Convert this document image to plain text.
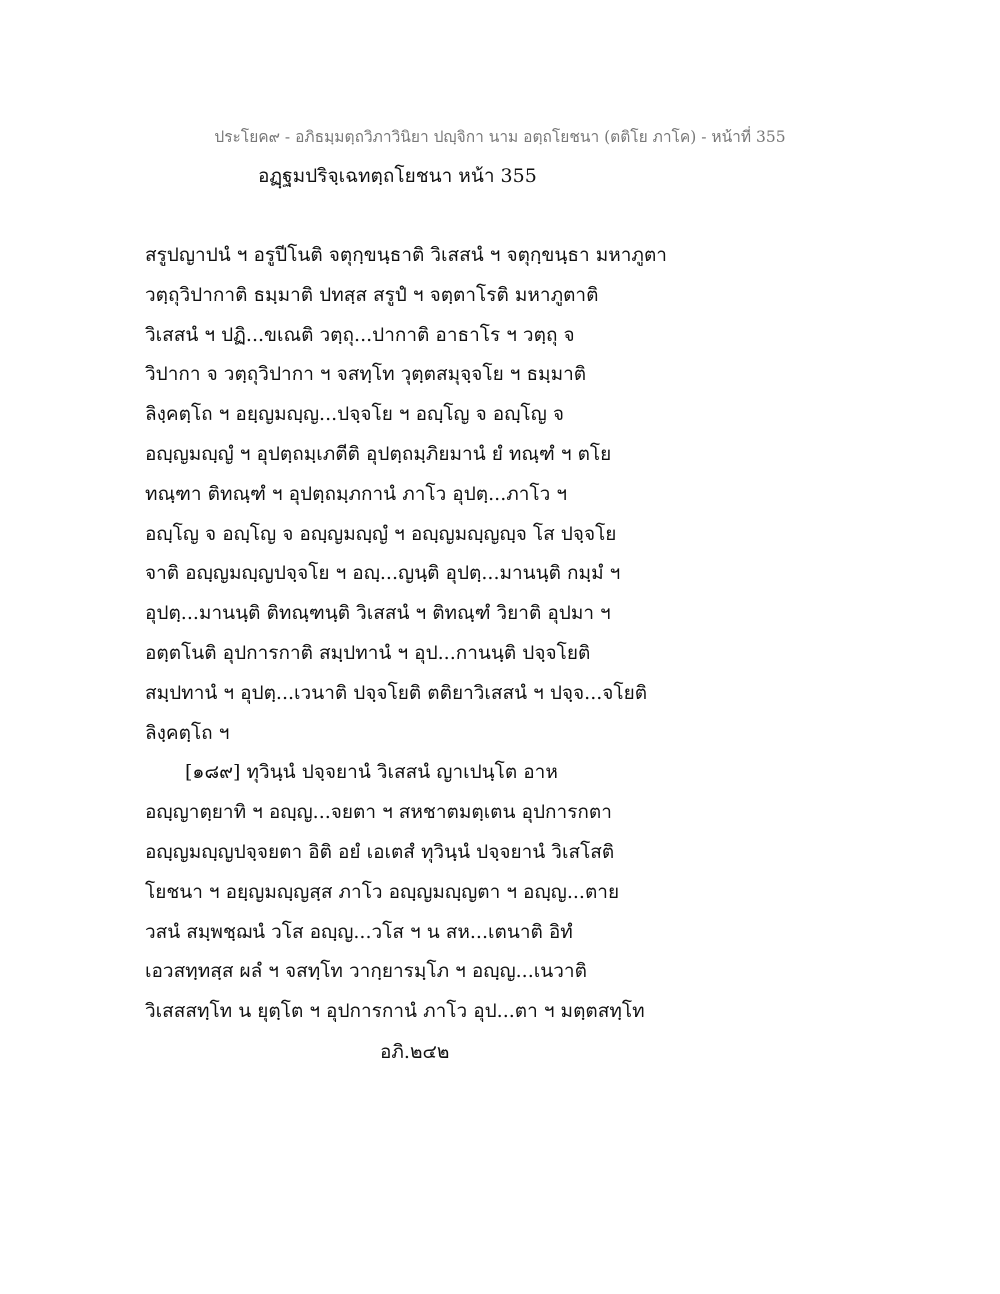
ประโยค๙ - อภิธมฺมตฺถวิภาวินิยา ปญฺจิกา นาม อตฺถโยชนา (ตติโย ภาโค) - หน้าที่ 355
อฏฺฐมปริจฺเฉทตฺถโยชนา หน้า 355
สรูปญาปนํ ฯ อรูปีโนติ จตุกฺขนฺธาติ วิเสสนํ ฯ จตุกฺขนฺธา มหาภูตา
วตฺถุวิปากาติ ธมฺมาติ ปทสฺส สรูปํ ฯ จตฺตาโรติ มหาภูตาติ
วิเสสนํ ฯ ปฏิ...ขเณติ วตฺถุ...ปากาติ อาธาโร ฯ วตฺถุ จ
วิปากา จ วตฺถุวิปากา ฯ จสทฺโท วุตฺตสมุจฺจโย ฯ ธมฺมาติ
ลิงฺคตฺโถ ฯ อยฺญมญฺญ...ปจฺจโย ฯ อญฺโญ จ อญฺโญ จ
อญฺญมญฺญํ ฯ อุปตฺถมฺเภตีติ อุปตฺถมฺภิยมานํ ยํ ทณฺฑํ ฯ ตโย
ทณฺฑา ติทณฺฑํ ฯ อุปตฺถมฺภกานํ ภาโว อุปตฺ...ภาโว ฯ
อญฺโญ จ อญฺโญ จ อญฺญมญฺญํ ฯ อญฺญมญฺญญฺจ โส ปจฺจโย
จาติ อญฺญมญฺญปจฺจโย ฯ อญฺ...ญนฺติ อุปตฺ...มานนฺติ กมฺมํ ฯ
อุปตฺ...มานนฺติ ติทณฺฑนฺติ วิเสสนํ ฯ ติทณฺฑํ วิยาติ อุปมา ฯ
อตฺตโนติ อุปการกาติ สมฺปทานํ ฯ อุป...กานนฺติ ปจฺจโยติ
สมฺปทานํ ฯ อุปตฺ...เวนาติ ปจฺจโยติ ตติยาวิเสสนํ ฯ ปจฺจ...จโยติ
ลิงฺคตฺโถ ฯ
[๑๘๙] ทุวินฺนํ ปจฺจยานํ วิเสสนํ ญาเปนฺโต อาห
อญฺญาตฺยาทิ ฯ อญฺญ...จยตา ฯ สหชาตมตฺเตน อุปการกตา
อญฺญมญฺญปจฺจยตา อิติ อยํ เอเตสํ ทุวินฺนํ ปจฺจยานํ วิเสโสติ
โยชนา ฯ อยฺญมญฺญสฺส ภาโว อญฺญมญฺญตา ฯ อญฺญ...ตาย
วสนํ สมฺพชฺฌนํ วโส อญฺญ...วโส ฯ น สห...เตนาติ อิทํ
เอวสทฺทสฺส ผลํ ฯ จสทฺโท วากฺยารมฺโภ ฯ อญฺญ...เนวาติ
วิเสสสทฺโท น ยุตฺโต ฯ อุปการกานํ ภาโว อุป...ตา ฯ มตฺตสทฺโท
อภิ.๒๔๒
